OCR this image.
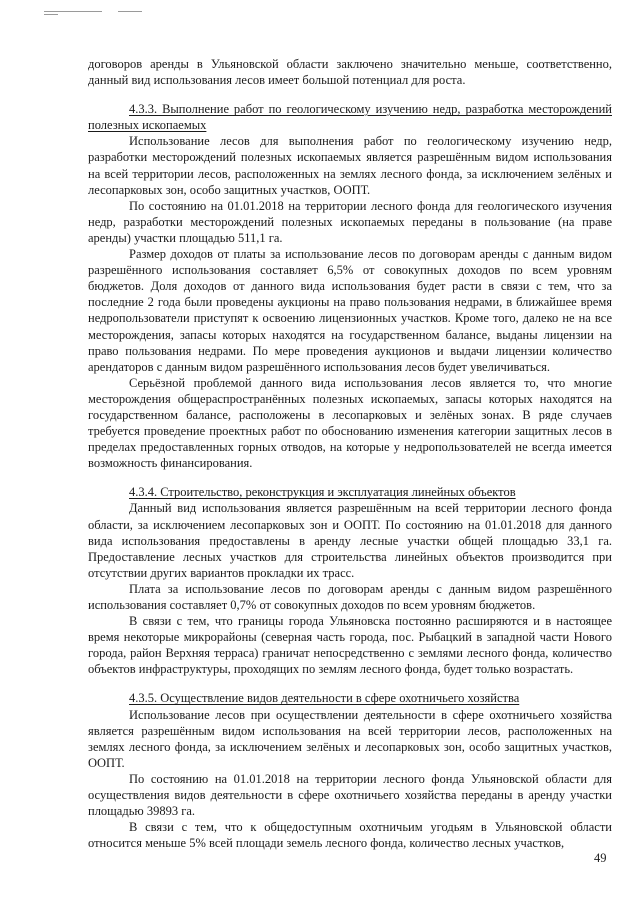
договоров аренды в Ульяновской области заключено значительно меньше, соответственно, данный вид использования лесов имеет большой потенциал для роста.

4.3.3. Выполнение работ по геологическому изучению недр, разработка месторождений полезных ископаемых

Использование лесов для выполнения работ по геологическому изучению недр, разработки месторождений полезных ископаемых является разрешённым видом использования на всей территории лесов, расположенных на землях лесного фонда, за исключением зелёных и лесопарковых зон, особо защитных участков, ООПТ.

По состоянию на 01.01.2018 на территории лесного фонда для геологического изучения недр, разработки месторождений полезных ископаемых переданы в пользование (на праве аренды) участки площадью 511,1 га.

Размер доходов от платы за использование лесов по договорам аренды с данным видом разрешённого использования составляет 6,5% от совокупных доходов по всем уровням бюджетов. Доля доходов от данного вида использования будет расти в связи с тем, что за последние 2 года были проведены аукционы на право пользования недрами, в ближайшее время недропользователи приступят к освоению лицензионных участков. Кроме того, далеко не на все месторождения, запасы которых находятся на государственном балансе, выданы лицензии на право пользования недрами. По мере проведения аукционов и выдачи лицензии количество арендаторов с данным видом разрешённого использования лесов будет увеличиваться.

Серьёзной проблемой данного вида использования лесов является то, что многие месторождения общераспространённых полезных ископаемых, запасы которых находятся на государственном балансе, расположены в лесопарковых и зелёных зонах. В ряде случаев требуется проведение проектных работ по обоснованию изменения категории защитных лесов в пределах предоставленных горных отводов, на которые у недропользователей не всегда имеется возможность финансирования.

4.3.4. Строительство, реконструкция и эксплуатация линейных объектов

Данный вид использования является разрешённым на всей территории лесного фонда области, за исключением лесопарковых зон и ООПТ. По состоянию на 01.01.2018 для данного вида использования предоставлены в аренду лесные участки общей площадью 33,1 га. Предоставление лесных участков для строительства линейных объектов производится при отсутствии других вариантов прокладки их трасс.

Плата за использование лесов по договорам аренды с данным видом разрешённого использования составляет 0,7% от совокупных доходов по всем уровням бюджетов.

В связи с тем, что границы города Ульяновска постоянно расширяются и в настоящее время некоторые микрорайоны (северная часть города, пос. Рыбацкий в западной части Нового города, район Верхняя терраса) граничат непосредственно с землями лесного фонда, количество объектов инфраструктуры, проходящих по землям лесного фонда, будет только возрастать.

4.3.5. Осуществление видов деятельности в сфере охотничьего хозяйства

Использование лесов при осуществлении деятельности в сфере охотничьего хозяйства является разрешённым видом использования на всей территории лесов, расположенных на землях лесного фонда, за исключением зелёных и лесопарковых зон, особо защитных участков, ООПТ.

По состоянию на 01.01.2018 на территории лесного фонда Ульяновской области для осуществления видов деятельности в сфере охотничьего хозяйства переданы в аренду участки площадью 39893 га.

В связи с тем, что к общедоступным охотничьим угодьям в Ульяновской области относится меньше 5% всей площади земель лесного фонда, количество лесных участков,

49
